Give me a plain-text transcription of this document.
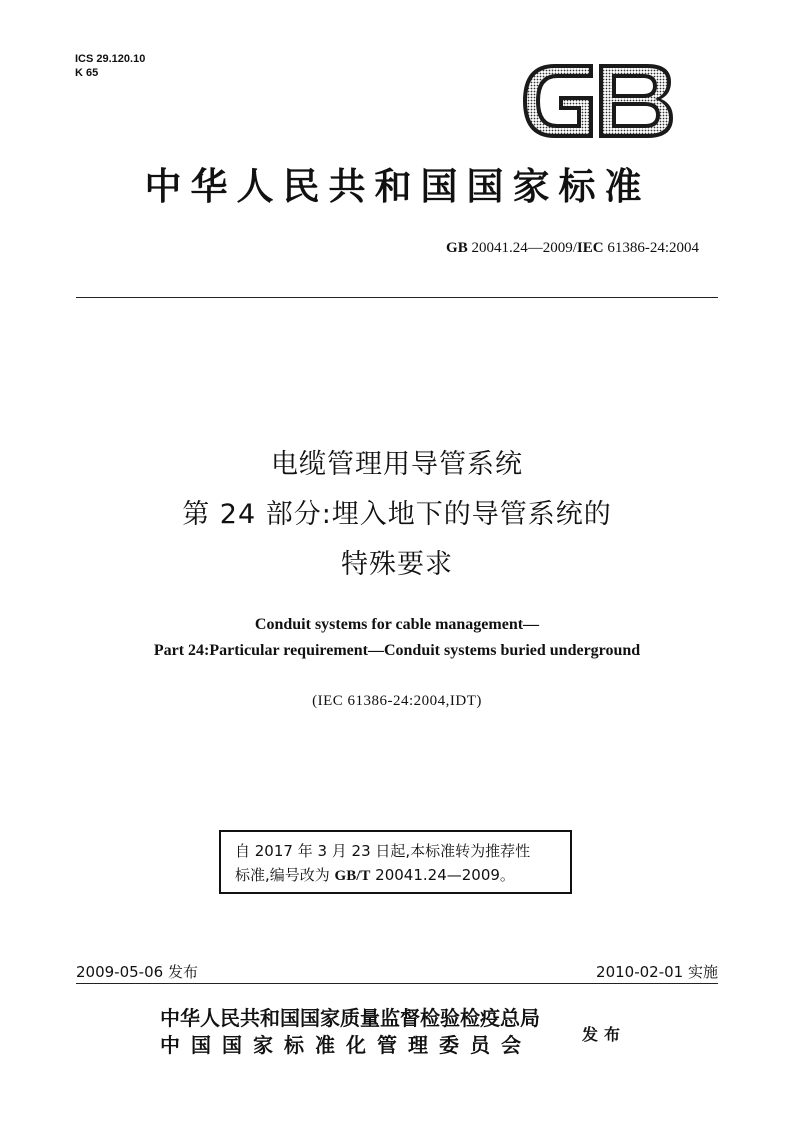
ICS 29.120.10
K 65
中华人民共和国国家标准
GB 20041.24—2009/IEC 61386-24:2004
电缆管理用导管系统
第 24 部分:埋入地下的导管系统的
特殊要求
Conduit systems for cable management—
Part 24:Particular requirement—Conduit systems buried underground
(IEC 61386-24:2004,IDT)
自 2017 年 3 月 23 日起,本标准转为推荐性
标准,编号改为 GB/T 20041.24—2009。
2009-05-06 发布	2010-02-01 实施
中华人民共和国国家质量监督检验检疫总局
中国国家标准化管理委员会	发布
